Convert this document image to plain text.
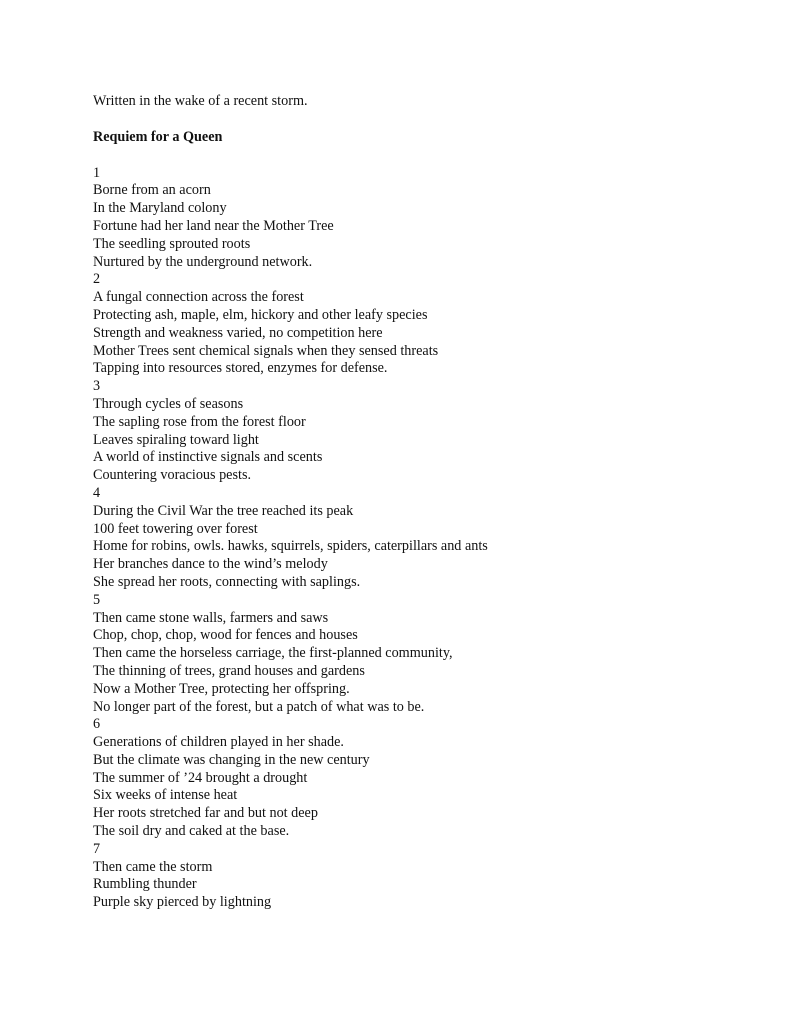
Written in the wake of a recent storm.

Requiem for a Queen

1

Borne from an acorn

In the Maryland colony

Fortune had her land near the Mother Tree

The seedling sprouted roots

Nurtured by the underground network.

2

A fungal connection across the forest

Protecting ash, maple, elm, hickory and other leafy species

Strength and weakness varied, no competition here

Mother Trees sent chemical signals when they sensed threats

Tapping into resources stored, enzymes for defense.

3

Through cycles of seasons

The sapling rose from the forest floor

Leaves spiraling toward light

A world of instinctive signals and scents

Countering voracious pests.

4

During the Civil War the tree reached its peak

100 feet towering over forest

Home for robins, owls. hawks, squirrels, spiders, caterpillars and ants

Her branches dance to the wind’s melody

She spread her roots, connecting with saplings.

5

Then came stone walls, farmers and saws

Chop, chop, chop, wood for fences and houses

Then came the horseless carriage, the first-planned community,

The thinning of trees, grand houses and gardens

Now a Mother Tree, protecting her offspring.

No longer part of the forest, but a patch of what was to be.

6

Generations of children played in her shade.

But the climate was changing in the new century

The summer of ’24 brought a drought

Six weeks of intense heat

Her roots stretched far and but not deep

The soil dry and caked at the base.

7

Then came the storm

Rumbling thunder

Purple sky pierced by lightning
